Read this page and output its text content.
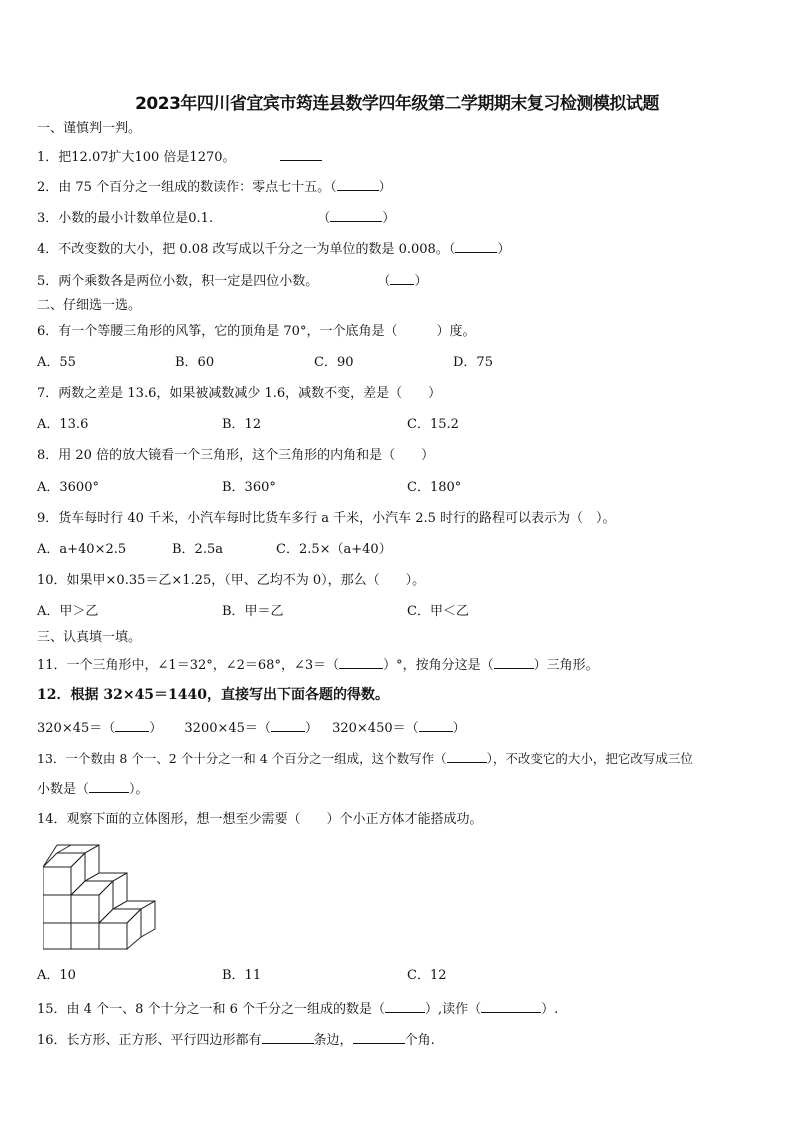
2023年四川省宜宾市筠连县数学四年级第二学期期末复习检测模拟试题
一、谨慎判一判。
1．把12.07扩大100 倍是1270。
2．由 75 个百分之一组成的数读作：零点七十五。（	）
3．小数的最小计数单位是0.1.	（	）
4．不改变数的大小，把 0.08 改写成以千分之一为单位的数是 0.008。（	）
5．两个乘数各是两位小数，积一定是四位小数。	（ ）
二、仔细选一选。
6．有一个等腰三角形的风筝，它的顶角是 70°，一个底角是（　　　）度。
A．55	B．60	C．90	D．75
7．两数之差是 13.6，如果被减数减少 1.6，减数不变，差是（　　）
A．13.6	B．12	C．15.2
8．用 20 倍的放大镜看一个三角形，这个三角形的内角和是（　　）
A．3600°	B．360°	C．180°
9．货车每时行 40 千米，小汽车每时比货车多行 a 千米，小汽车 2.5 时行的路程可以表示为（　）。
A．a+40×2.5	B．2.5a	C．2.5×（a+40）
10．如果甲×0.35＝乙×1.25，（甲、乙均不为 0），那么（　　）。
A．甲＞乙	B．甲＝乙	C．甲＜乙
三、认真填一填。
11．一个三角形中，∠1＝32°，∠2＝68°，∠3＝（	）°，按角分这是（	）三角形。
12．根据 32×45＝1440，直接写出下面各题的得数。
320×45＝（	） 3200×45＝（	） 320×450＝（	）
13．一个数由 8 个一、2 个十分之一和 4 个百分之一组成，这个数写作（	），不改变它的大小，把它改写成三位
小数是（	）。
14．观察下面的立体图形，想一想至少需要（　　）个小正方体才能搭成功。
A．10	B．11	C．12
15．由 4 个一、8 个十分之一和 6 个千分之一组成的数是（	）,读作（	）.
16．长方形、正方形、平行四边形都有	条边，	个角.
